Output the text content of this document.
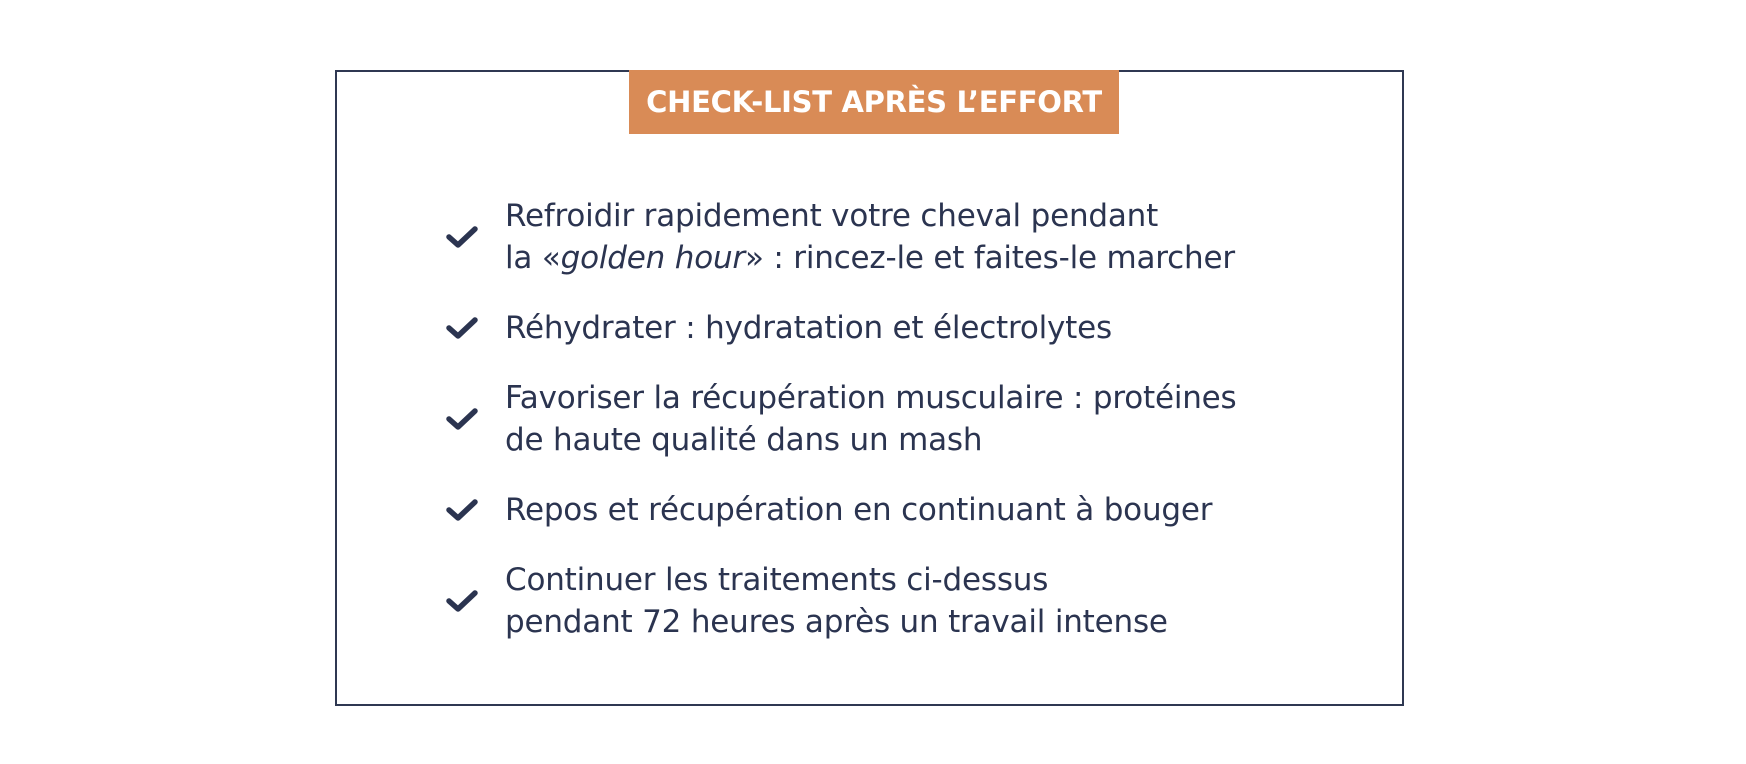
CHECK-LIST APRÈS L’EFFORT
Refroidir rapidement votre cheval pendant
la «golden hour» : rincez-le et faites-le marcher
Réhydrater : hydratation et électrolytes
Favoriser la récupération musculaire : protéines
de haute qualité dans un mash
Repos et récupération en continuant à bouger
Continuer les traitements ci-dessus
pendant 72 heures après un travail intense
